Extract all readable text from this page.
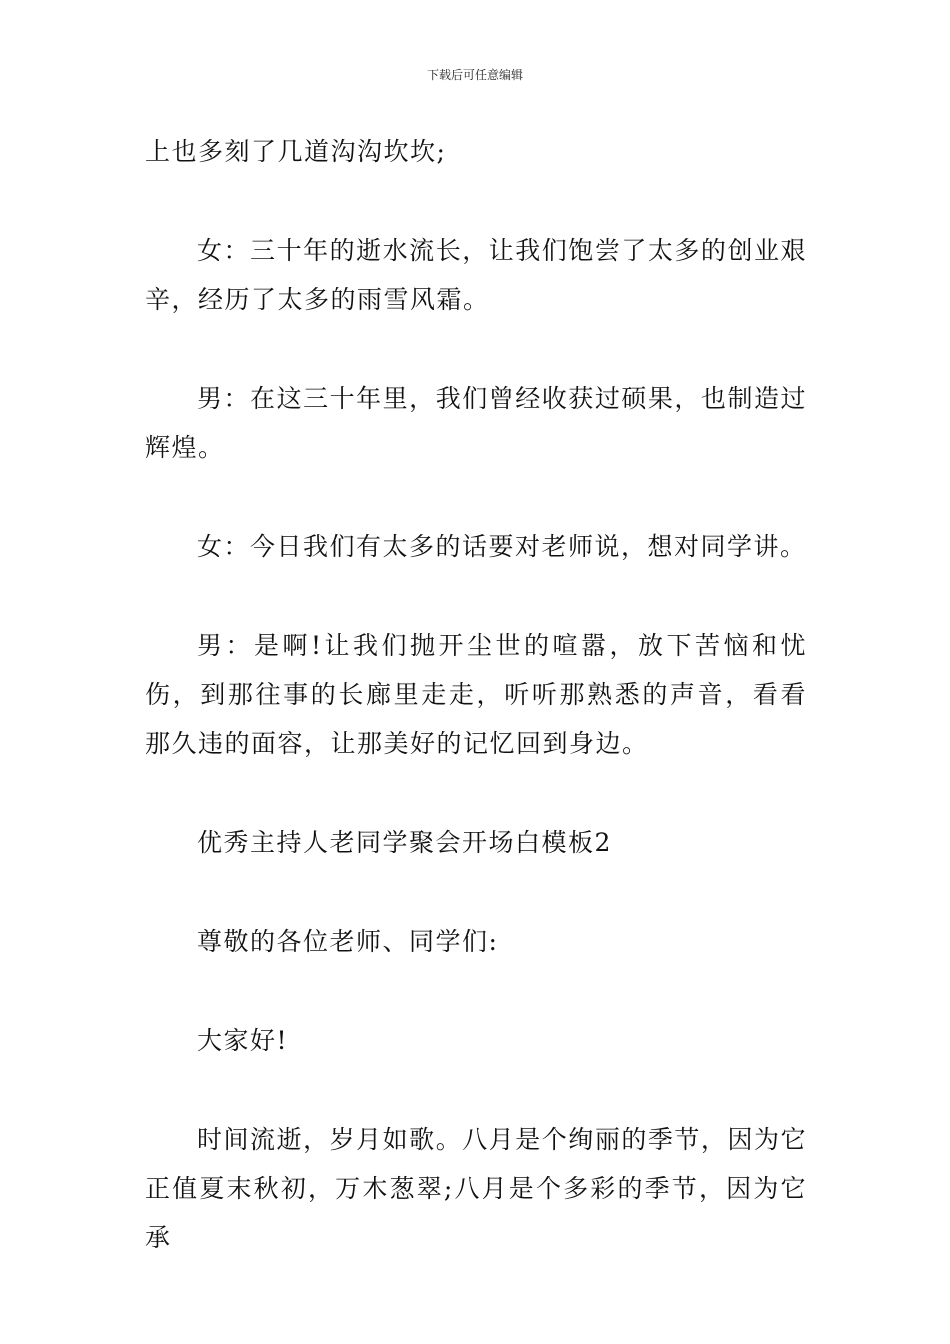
下载后可任意编辑

上也多刻了几道沟沟坎坎;

女：三十年的逝水流长，让我们饱尝了太多的创业艰辛，经历了太多的雨雪风霜。

男：在这三十年里，我们曾经收获过硕果，也制造过辉煌。

女：今日我们有太多的话要对老师说，想对同学讲。

男：是啊!让我们抛开尘世的喧嚣，放下苦恼和忧伤，到那往事的长廊里走走，听听那熟悉的声音，看看那久违的面容，让那美好的记忆回到身边。

优秀主持人老同学聚会开场白模板2

尊敬的各位老师、同学们:

大家好!

时间流逝，岁月如歌。八月是个绚丽的季节，因为它正值夏末秋初，万木葱翠;八月是个多彩的季节，因为它承
